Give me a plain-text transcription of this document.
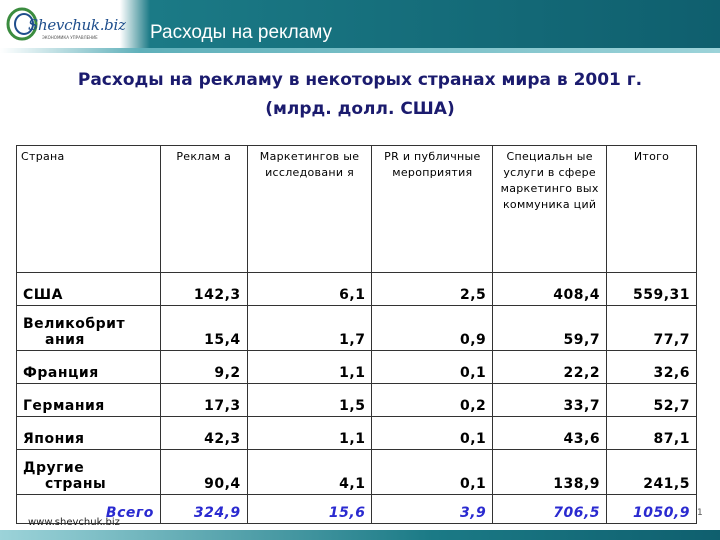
Shevchuk.biz
ЭКОНОМИКА УПРАВЛЕНИЕ	Расходы на рекламу
Расходы на рекламу в некоторых странах мира в 2001 г.
(млрд. долл. США)
Страна	Реклам а	Маркетингов ые исследовани я	PR и публичные мероприятия	Специальн ые услуги в сфере маркетинго вых коммуника ций	Итого
США	142,3	6,1	2,5	408,4	559,31
Великобрит
ания	15,4	1,7	0,9	59,7	77,7
Франция	9,2	1,1	0,1	22,2	32,6
Германия	17,3	1,5	0,2	33,7	52,7
Япония	42,3	1,1	0,1	43,6	87,1
Другие
страны	90,4	4,1	0,1	138,9	241,5
Всего	324,9	15,6	3,9	706,5	1050,9
www.shevchuk.biz
1
